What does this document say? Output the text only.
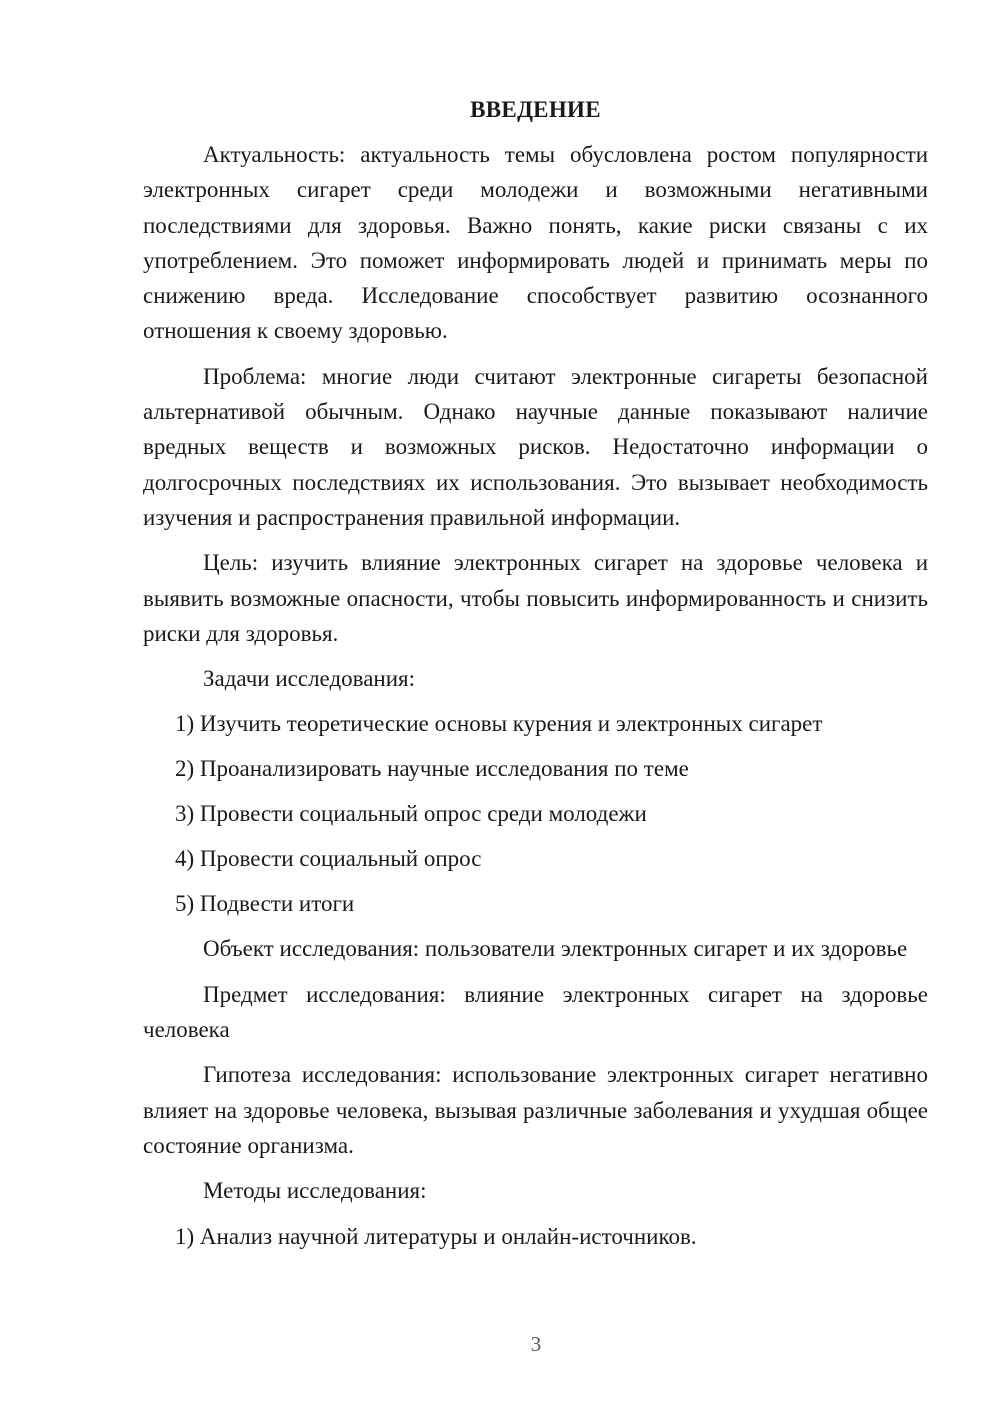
ВВЕДЕНИЕ

Актуальность: актуальность темы обусловлена ростом популярности электронных сигарет среди молодежи и возможными негативными последствиями для здоровья. Важно понять, какие риски связаны с их употреблением. Это поможет информировать людей и принимать меры по снижению вреда. Исследование способствует развитию осознанного отношения к своему здоровью.

Проблема: многие люди считают электронные сигареты безопасной альтернативой обычным. Однако научные данные показывают наличие вредных веществ и возможных рисков. Недостаточно информации о долгосрочных последствиях их использования. Это вызывает необходимость изучения и распространения правильной информации.

Цель: изучить влияние электронных сигарет на здоровье человека и выявить возможные опасности, чтобы повысить информированность и снизить риски для здоровья.

Задачи исследования:

1) Изучить теоретические основы курения и электронных сигарет

2) Проанализировать научные исследования по теме

3) Провести социальный опрос среди молодежи

4) Провести социальный опрос

5) Подвести итоги

Объект исследования: пользователи электронных сигарет и их здоровье

Предмет исследования: влияние электронных сигарет на здоровье человека

Гипотеза исследования: использование электронных сигарет негативно влияет на здоровье человека, вызывая различные заболевания и ухудшая общее состояние организма.

Методы исследования:

1) Анализ научной литературы и онлайн-источников.

3
